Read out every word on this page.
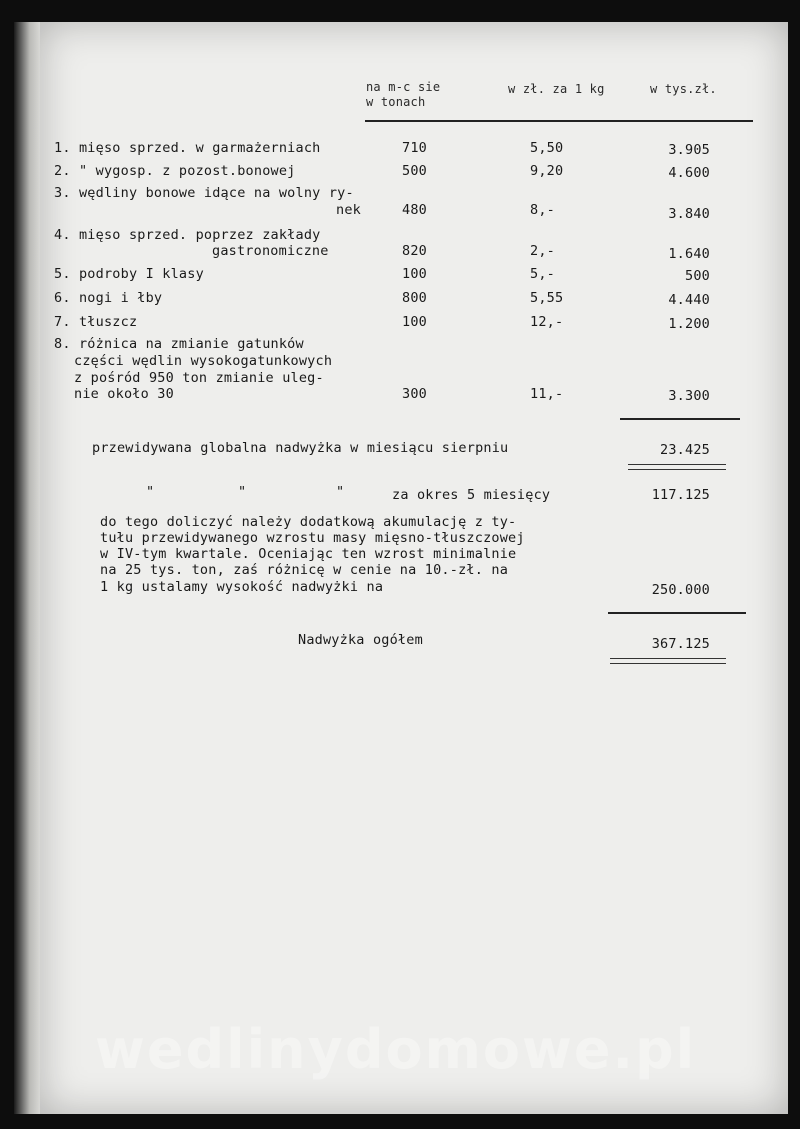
na m-c sie
w tonach
w zł. za 1 kg	w tys.zł.
1. mięso sprzed. w garmażerniach	710	5,50	3.905
2. " wygosp. z pozost.bonowej	500	9,20	4.600
3. wędliny bonowe idące na wolny ry-
nek	480	8,-	3.840
4. mięso sprzed. poprzez zakłady
gastronomiczne	820	2,-	1.640
5. podroby I klasy	100	5,-	500
6. nogi i łby	800	5,55	4.440
7. tłuszcz	100	12,-	1.200
8. różnica na zmianie gatunków
części wędlin wysokogatunkowych
z pośród 950 ton zmianie uleg-
nie około 30	300	11,-	3.300
przewidywana globalna nadwyżka w miesiącu sierpniu	23.425
"	"	"	za okres 5 miesięcy	117.125
do tego doliczyć należy dodatkową akumulację z ty-
tułu przewidywanego wzrostu masy mięsno-tłuszczowej
w IV-tym kwartale. Oceniając ten wzrost minimalnie
na 25 tys. ton, zaś różnicę w cenie na 10.-zł. na
1 kg ustalamy wysokość nadwyżki na	250.000
Nadwyżka ogółem	367.125
wedlinydomowe.pl
